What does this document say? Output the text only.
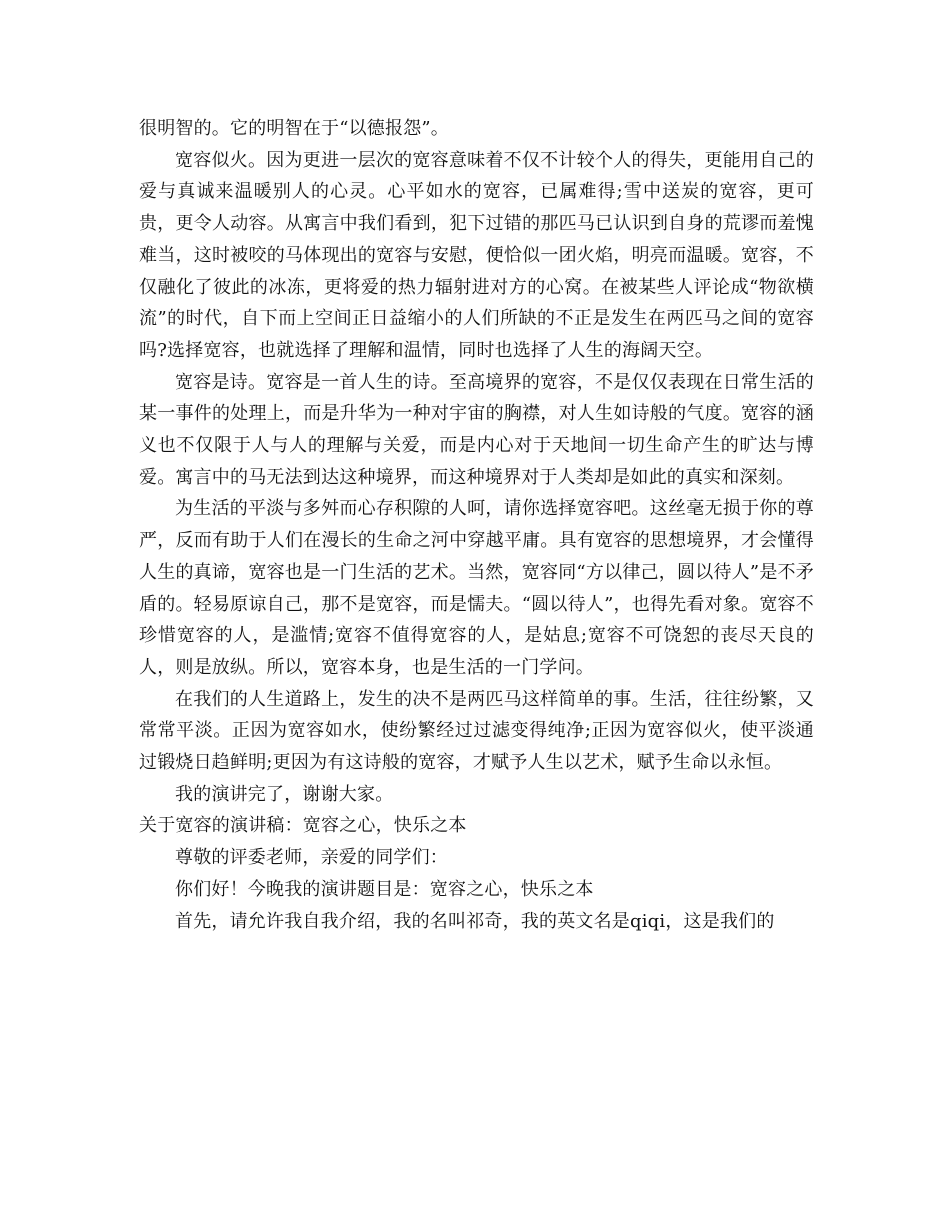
很明智的。它的明智在于“以德报怨”。

宽容似火。因为更进一层次的宽容意味着不仅不计较个人的得失，更能用自己的爱与真诚来温暖别人的心灵。心平如水的宽容，已属难得;雪中送炭的宽容，更可贵，更令人动容。从寓言中我们看到，犯下过错的那匹马已认识到自身的荒谬而羞愧难当，这时被咬的马体现出的宽容与安慰，便恰似一团火焰，明亮而温暖。宽容，不仅融化了彼此的冰冻，更将爱的热力辐射进对方的心窝。在被某些人评论成“物欲横流”的时代，自下而上空间正日益缩小的人们所缺的不正是发生在两匹马之间的宽容吗?选择宽容，也就选择了理解和温情，同时也选择了人生的海阔天空。

宽容是诗。宽容是一首人生的诗。至高境界的宽容，不是仅仅表现在日常生活的某一事件的处理上，而是升华为一种对宇宙的胸襟，对人生如诗般的气度。宽容的涵义也不仅限于人与人的理解与关爱，而是内心对于天地间一切生命产生的旷达与博爱。寓言中的马无法到达这种境界，而这种境界对于人类却是如此的真实和深刻。

为生活的平淡与多舛而心存积隙的人呵，请你选择宽容吧。这丝毫无损于你的尊严，反而有助于人们在漫长的生命之河中穿越平庸。具有宽容的思想境界，才会懂得人生的真谛，宽容也是一门生活的艺术。当然，宽容同“方以律己，圆以待人”是不矛盾的。轻易原谅自己，那不是宽容，而是懦夫。“圆以待人”，也得先看对象。宽容不珍惜宽容的人，是滥情;宽容不值得宽容的人，是姑息;宽容不可饶恕的丧尽天良的人，则是放纵。所以，宽容本身，也是生活的一门学问。

在我们的人生道路上，发生的决不是两匹马这样简单的事。生活，往往纷繁，又常常平淡。正因为宽容如水，使纷繁经过过滤变得纯净;正因为宽容似火，使平淡通过锻烧日趋鲜明;更因为有这诗般的宽容，才赋予人生以艺术，赋予生命以永恒。

我的演讲完了，谢谢大家。

关于宽容的演讲稿：宽容之心，快乐之本

尊敬的评委老师，亲爱的同学们：

你们好！今晚我的演讲题目是：宽容之心，快乐之本

首先，请允许我自我介绍，我的名叫祁奇，我的英文名是qiqi，这是我们的
